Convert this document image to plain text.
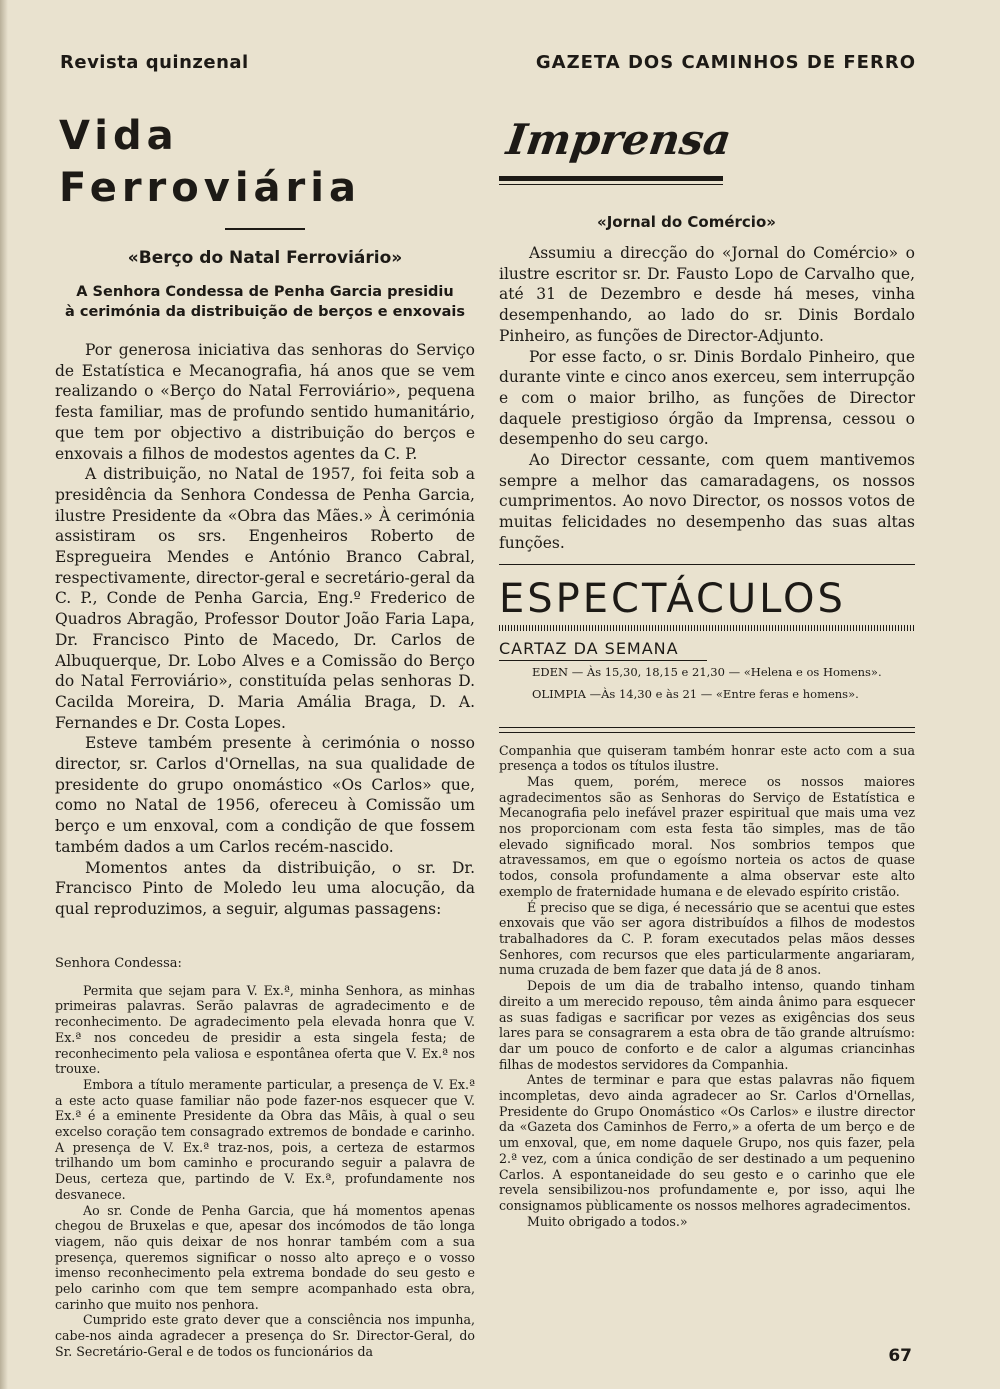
Revista quinzenal	GAZETA DOS CAMINHOS DE FERRO
Vida Ferroviária
«Berço do Natal Ferroviário»
A Senhora Condessa de Penha Garcia presidiu
à cerimónia da distribuição de berços e enxovais

Por generosa iniciativa das senhoras do Serviço de Estatística e Mecanografia, há anos que se vem realizando o «Berço do Natal Ferroviário», pequena festa familiar, mas de profundo sentido humanitário, que tem por objectivo a distribuição do berços e enxovais a filhos de modestos agentes da C. P.

A distribuição, no Natal de 1957, foi feita sob a presidência da Senhora Condessa de Penha Garcia, ilustre Presidente da «Obra das Mães.» À cerimónia assistiram os srs. Engenheiros Roberto de Espregueira Mendes e António Branco Cabral, respectivamente, director-geral e secretário-geral da C. P., Conde de Penha Garcia, Eng.º Frederico de Quadros Abragão, Professor Doutor João Faria Lapa, Dr. Francisco Pinto de Macedo, Dr. Carlos de Albuquerque, Dr. Lobo Alves e a Comissão do Berço do Natal Ferroviário», constituída pelas senhoras D. Cacilda Moreira, D. Maria Amália Braga, D. A. Fernandes e Dr. Costa Lopes.

Esteve também presente à cerimónia o nosso director, sr. Carlos d'Ornellas, na sua qualidade de presidente do grupo onomástico «Os Carlos» que, como no Natal de 1956, ofereceu à Comissão um berço e um enxoval, com a condição de que fossem também dados a um Carlos recém-nascido.

Momentos antes da distribuição, o sr. Dr. Francisco Pinto de Moledo leu uma alocução, da qual reproduzimos, a seguir, algumas passagens:

Senhora Condessa:

Permita que sejam para V. Ex.ª, minha Senhora, as minhas primeiras palavras. Serão palavras de agradecimento e de reconhecimento. De agradecimento pela elevada honra que V. Ex.ª nos concedeu de presidir a esta singela festa; de reconhecimento pela valiosa e espontânea oferta que V. Ex.ª nos trouxe.

Embora a título meramente particular, a presença de V. Ex.ª a este acto quase familiar não pode fazer-nos esquecer que V. Ex.ª é a eminente Presidente da Obra das Mãis, à qual o seu excelso coração tem consagrado extremos de bondade e carinho. A presença de V. Ex.ª traz-nos, pois, a certeza de estarmos trilhando um bom caminho e procurando seguir a palavra de Deus, certeza que, partindo de V. Ex.ª, profundamente nos desvanece.

Ao sr. Conde de Penha Garcia, que há momentos apenas chegou de Bruxelas e que, apesar dos incómodos de tão longa viagem, não quis deixar de nos honrar também com a sua presença, queremos significar o nosso alto apreço e o vosso imenso reconhecimento pela extrema bondade do seu gesto e pelo carinho com que tem sempre acompanhado esta obra, carinho que muito nos penhora.

Cumprido este grato dever que a consciência nos impunha, cabe-nos ainda agradecer a presença do Sr. Director-Geral, do Sr. Secretário-Geral e de todos os funcionários da

Imprensa
«Jornal do Comércio»

Assumiu a direcção do «Jornal do Comércio» o ilustre escritor sr. Dr. Fausto Lopo de Carvalho que, até 31 de Dezembro e desde há meses, vinha desempenhando, ao lado do sr. Dinis Bordalo Pinheiro, as funções de Director-Adjunto.

Por esse facto, o sr. Dinis Bordalo Pinheiro, que durante vinte e cinco anos exerceu, sem interrupção e com o maior brilho, as funções de Director daquele prestigioso órgão da Imprensa, cessou o desempenho do seu cargo.

Ao Director cessante, com quem mantivemos sempre a melhor das camaradagens, os nossos cumprimentos. Ao novo Director, os nossos votos de muitas felicidades no desempenho das suas altas funções.

ESPECTÁCULOS
CARTAZ DA SEMANA
EDEN — Às 15,30, 18,15 e 21,30 — «Helena e os Homens».
OLIMPIA —Às 14,30 e às 21 — «Entre feras e homens».

Companhia que quiseram também honrar este acto com a sua presença a todos os títulos ilustre.

Mas quem, porém, merece os nossos maiores agradecimentos são as Senhoras do Serviço de Estatística e Mecanografia pelo inefável prazer espiritual que mais uma vez nos proporcionam com esta festa tão simples, mas de tão elevado significado moral. Nos sombrios tempos que atravessamos, em que o egoísmo norteia os actos de quase todos, consola profundamente a alma observar este alto exemplo de fraternidade humana e de elevado espírito cristão.

É preciso que se diga, é necessário que se acentui que estes enxovais que vão ser agora distribuídos a filhos de modestos trabalhadores da C. P. foram executados pelas mãos desses Senhores, com recursos que eles particularmente angariaram, numa cruzada de bem fazer que data já de 8 anos.

Depois de um dia de trabalho intenso, quando tinham direito a um merecido repouso, têm ainda ânimo para esquecer as suas fadigas e sacrificar por vezes as exigências dos seus lares para se consagrarem a esta obra de tão grande altruísmo: dar um pouco de conforto e de calor a algumas criancinhas filhas de modestos servidores da Companhia.

Antes de terminar e para que estas palavras não fiquem incompletas, devo ainda agradecer ao Sr. Carlos d'Ornellas, Presidente do Grupo Onomástico «Os Carlos» e ilustre director da «Gazeta dos Caminhos de Ferro,» a oferta de um berço e de um enxoval, que, em nome daquele Grupo, nos quis fazer, pela 2.ª vez, com a única condição de ser destinado a um pequenino Carlos. A espontaneidade do seu gesto e o carinho que ele revela sensibilizou-nos profundamente e, por isso, aqui lhe consignamos pùblicamente os nossos melhores agradecimentos.

Muito obrigado a todos.»

67
